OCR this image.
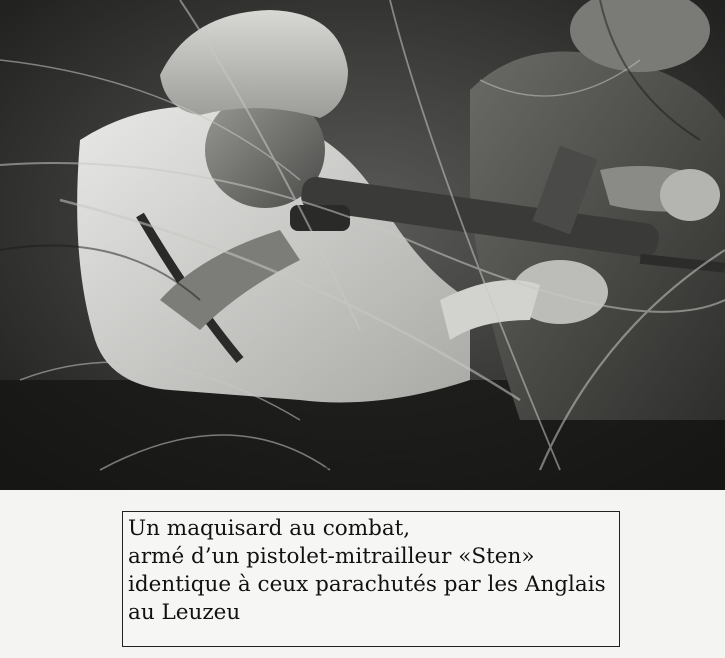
Un maquisard au combat,
armé d’un pistolet-mitrailleur «Sten»
identique à ceux parachutés par les Anglais
au Leuzeu
